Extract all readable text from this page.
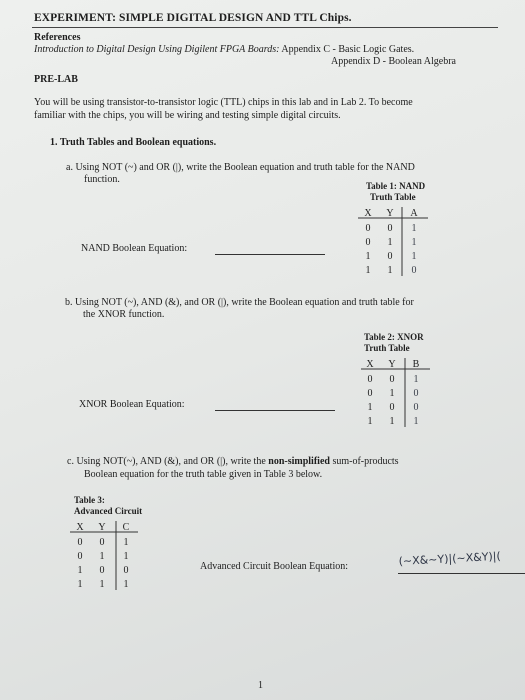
EXPERIMENT: SIMPLE DIGITAL DESIGN AND TTL Chips.
References
Introduction to Digital Design Using Digilent FPGA Boards: Appendix C - Basic Logic Gates.
Appendix D - Boolean Algebra
PRE-LAB
You will be using transistor-to-transistor logic (TTL) chips in this lab and in Lab 2. To become
familiar with the chips, you will be wiring and testing simple digital circuits.
1. Truth Tables and Boolean equations.
a. Using NOT (~) and OR (|), write the Boolean equation and truth table for the NAND
function.
Table 1: NAND
Truth Table
X Y A
0 0 1
0 1 1
1 0 1
1 1 0
NAND Boolean Equation:
b. Using NOT (~), AND (&), and OR (|), write the Boolean equation and truth table for
the XNOR function.
Table 2: XNOR
Truth Table
X Y B
0 0 1
0 1 0
1 0 0
1 1 1
XNOR Boolean Equation:
c. Using NOT(~), AND (&), and OR (|), write the non-simplified sum-of-products
Boolean equation for the truth table given in Table 3 below.
Table 3:
Advanced Circuit
X Y C
0 0 1
0 1 1
1 0 0
1 1 1
Advanced Circuit Boolean Equation:	(~X&~Y)|(~X&Y)|(
1
